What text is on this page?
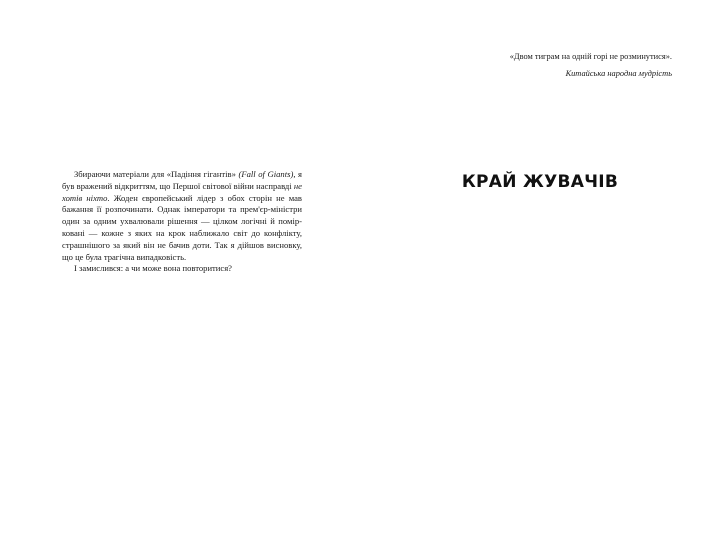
Збираючи матеріали для «Падіння гігантів» (Fall of Giants), я був вражений відкриттям, що Першої світової війни насправді не хотів ніхто. Жоден європейський лідер з обох сторін не мав бажання її розпочинати. Однак імператори та прем'єр-міністри один за одним ухвалювали рішення — цілком логічні й помір-ковані — кожне з яких на крок наближало світ до конфлікту, страшнішого за який він не бачив доти. Так я дійшов висновку, що це була трагічна випадковість.

І замислився: а чи може вона повторитися?

«Двом тиграм на одній горі не розминутися».

Китайська народна мудрість

КРАЙ ЖУВАЧІВ
